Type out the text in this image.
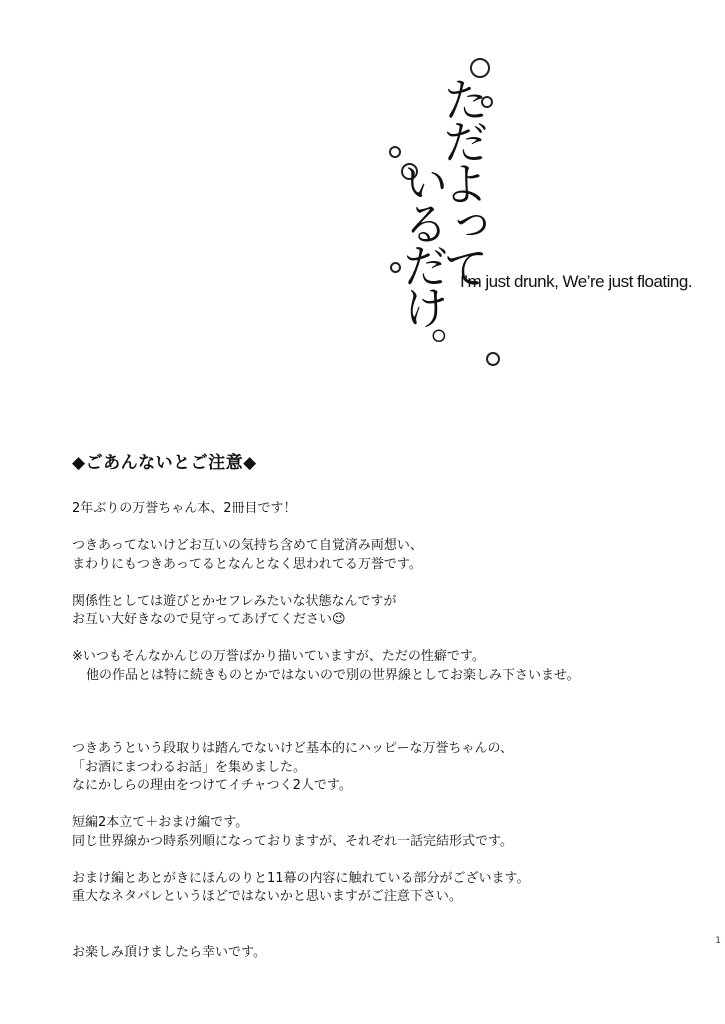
ただよって
いるだけ。 I’m just drunk, We’re just floating.
◆ごあんないとご注意◆

2年ぶりの万誉ちゃん本、2冊目です！

つきあってないけどお互いの気持ち含めて自覚済み両想い、

まわりにもつきあってるとなんとなく思われてる万誉です。

関係性としては遊びとかセフレみたいな状態なんですが

お互い大好きなので見守ってあげてください😉

※いつもそんなかんじの万誉ばかり描いていますが、ただの性癖です。

他の作品とは特に続きものとかではないので別の世界線としてお楽しみ下さいませ。

つきあうという段取りは踏んでないけど基本的にハッピーな万誉ちゃんの、

「お酒にまつわるお話」を集めました。

なにかしらの理由をつけてイチャつく2人です。

短編2本立て＋おまけ編です。

同じ世界線かつ時系列順になっておりますが、それぞれ一話完結形式です。

おまけ編とあとがきにほんのりと11幕の内容に触れている部分がございます。

重大なネタバレというほどではないかと思いますがご注意下さい。

お楽しみ頂けましたら幸いです。

1
